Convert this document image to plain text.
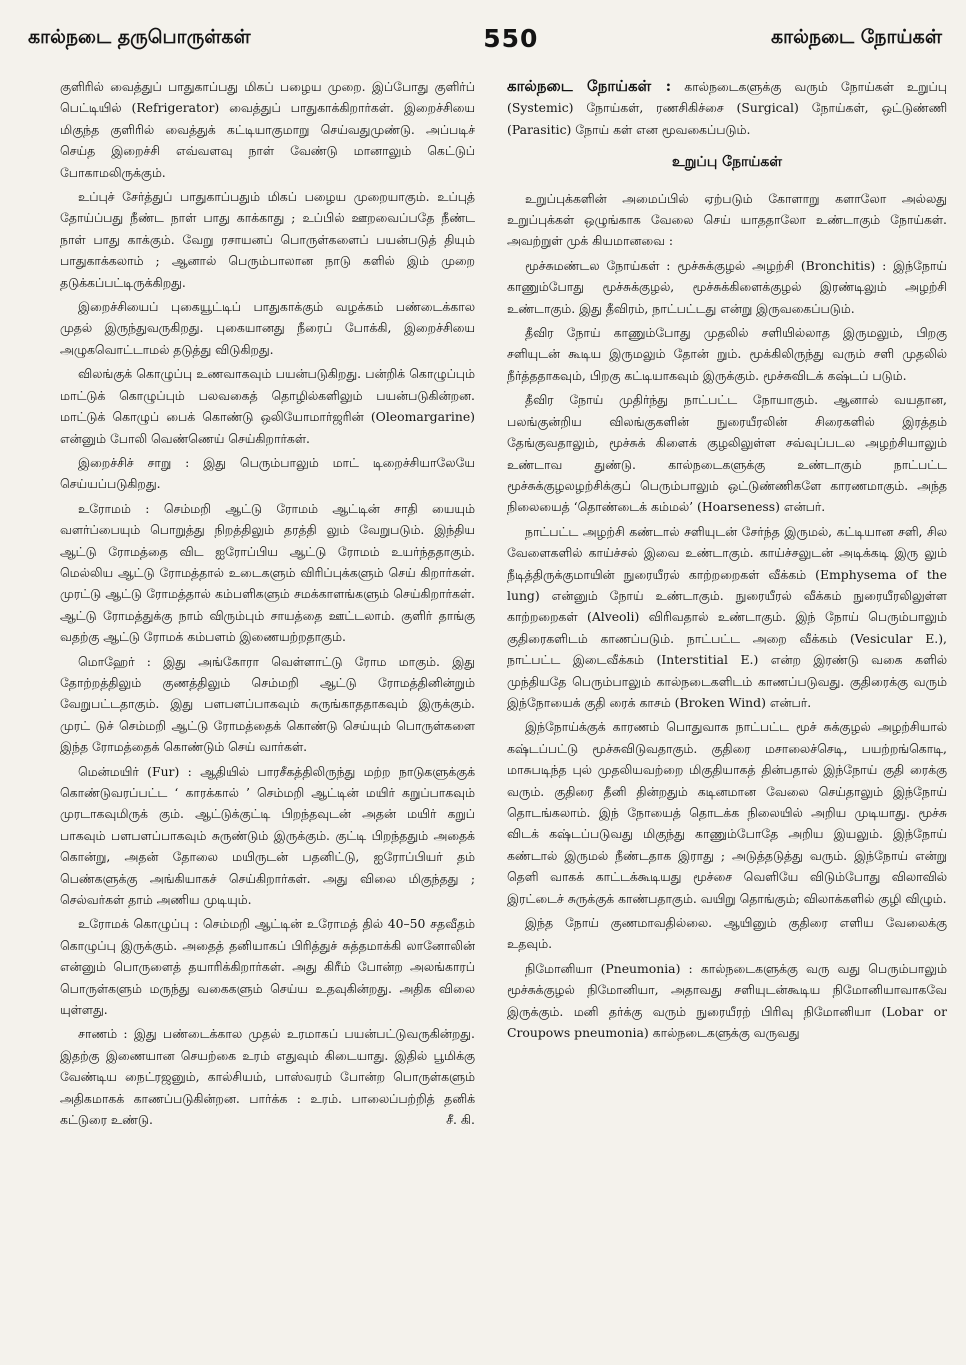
கால்நடை தருபொருள்கள்	550	கால்நடை நோய்கள்

குளிரில் வைத்துப் பாதுகாப்பது மிகப் பழைய முறை. இப்போது குளிர்ப் பெட்டியில் (Refrigerator) வைத்துப் பாதுகாக்கிறார்கள். இறைச்சியை மிகுந்த குளிரில் வைத்துக் கட்டியாகுமாறு செய்வதுமுண்டு. அப்படிச் செய்த இறைச்சி எவ்வளவு நாள் வேண்டு மானாலும் கெட்டுப் போகாமலிருக்கும்.

உப்புச் சேர்த்துப் பாதுகாப்பதும் மிகப் பழைய முறையாகும். உப்புத் தோய்ப்பது நீண்ட நாள் பாது காக்காது ; உப்பில் ஊறவைப்பதே நீண்ட நாள் பாது காக்கும். வேறு ரசாயனப் பொருள்களைப் பயன்படுத் தியும் பாதுகாக்கலாம் ; ஆனால் பெரும்பாலான நாடு களில் இம் முறை தடுக்கப்பட்டிருக்கிறது.

இறைச்சியைப் புகையூட்டிப் பாதுகாக்கும் வழக்கம் பண்டைக்கால முதல் இருந்துவருகிறது. புகையானது நீரைப் போக்கி, இறைச்சியை அழுகவொட்டாமல் தடுத்து விடுகிறது.

விலங்குக் கொழுப்பு உணவாகவும் பயன்படுகிறது. பன்றிக் கொழுப்பும் மாட்டுக் கொழுப்பும் பலவகைத் தொழில்களிலும் பயன்படுகின்றன. மாட்டுக் கொழுப் பைக் கொண்டு ஒலியோமார்ஜரின் (Oleomargarine) என்னும் போலி வெண்ணெய் செய்கிறார்கள்.

இறைச்சிச் சாறு : இது பெரும்பாலும் மாட் டிறைச்சியாலேயே செய்யப்படுகிறது.

உரோமம் : செம்மறி ஆட்டு ரோமம் ஆட்டின் சாதி யையும் வளர்ப்பையும் பொறுத்து நிறத்திலும் தரத்தி லும் வேறுபடும். இந்திய ஆட்டு ரோமத்தை விட ஐரோப்பிய ஆட்டு ரோமம் உயர்ந்ததாகும். மெல்லிய ஆட்டு ரோமத்தால் உடைகளும் விரிப்புக்களும் செய் கிறார்கள். முரட்டு ஆட்டு ரோமத்தால் கம்பளிகளும் சமக்காளங்களும் செய்கிறார்கள். ஆட்டு ரோமத்துக்கு நாம் விரும்பும் சாயத்தை ஊட்டலாம். குளிர் தாங்கு வதற்கு ஆட்டு ரோமக் கம்பளம் இணையற்றதாகும்.

மொஹேர் : இது அங்கோரா வெள்ளாட்டு ரோம மாகும். இது தோற்றத்திலும் குணத்திலும் செம்மறி ஆட்டு ரோமத்தினின்றும் வேறுபட்டதாகும். இது பளபளப்பாகவும் சுருங்காததாகவும் இருக்கும். முரட் டுச் செம்மறி ஆட்டு ரோமத்தைக் கொண்டு செய்யும் பொருள்களை இந்த ரோமத்தைக் கொண்டும் செய் வார்கள்.

மென்மயிர் (Fur) : ஆதியில் பாரசீகத்திலிருந்து மற்ற நாடுகளுக்குக் கொண்டுவரப்பட்ட ‘ காரக்கால் ’ செம்மறி ஆட்டின் மயிர் கறுப்பாகவும் முரடாகவுமிருக் கும். ஆட்டுக்குட்டி பிறந்தவுடன் அதன் மயிர் கறுப் பாகவும் பளபளப்பாகவும் சுருண்டும் இருக்கும். குட்டி பிறந்ததும் அதைக் கொன்று, அதன் தோலை மயிருடன் பதனிட்டு, ஐரோப்பியர் தம் பெண்களுக்கு அங்கியாகச் செய்கிறார்கள். அது விலை மிகுந்தது ; செல்வர்கள் தாம் அணிய முடியும்.

உரோமக் கொழுப்பு : செம்மறி ஆட்டின் உரோமத் தில் 40–50 சதவீதம் கொழுப்பு இருக்கும். அதைத் தனியாகப் பிரித்துச் சுத்தமாக்கி லானோலின் என்னும் பொருளைத் தயாரிக்கிறார்கள். அது கிரீம் போன்ற அலங்காரப் பொருள்களும் மருந்து வகைகளும் செய்ய உதவுகின்றது. அதிக விலை யுள்ளது.

சாணம் : இது பண்டைக்கால முதல் உரமாகப் பயன்பட்டுவருகின்றது. இதற்கு இணையான செயற்கை உரம் எதுவும் கிடையாது. இதில் பூமிக்கு வேண்டிய நைட்ரஜனும், கால்சியம், பாஸ்வரம் போன்ற பொருள்களும் அதிகமாகக் காணப்படுகின்றன. பார்க்க : உரம். பாலைப்பற்றித் தனிக் கட்டுரை உண்டு.	சீ. கி.

கால்நடை நோய்கள் : கால்நடைகளுக்கு வரும் நோய்கள் உறுப்பு (Systemic) நோய்கள், ரணசிகிச்சை (Surgical) நோய்கள், ஒட்டுண்ணி (Parasitic) நோய் கள் என மூவகைப்படும்.

உறுப்பு நோய்கள்

உறுப்புக்களின் அமைப்பில் ஏற்படும் கோளாறு களாலோ அல்லது உறுப்புக்கள் ஒழுங்காக வேலை செய் யாததாலோ உண்டாகும் நோய்கள். அவற்றுள் முக் கியமானவை :

மூச்சுமண்டல நோய்கள் : மூச்சுக்குழல் அழற்சி (Bronchitis) : இந்நோய் காணும்போது மூச்சுக்குழல், மூச்சுக்கிளைக்குழல் இரண்டிலும் அழற்சி உண்டாகும். இது தீவிரம், நாட்பட்டது என்று இருவகைப்படும்.

தீவிர நோய் காணும்போது முதலில் சளியில்லாத இருமலும், பிறகு சளியுடன் கூடிய இருமலும் தோன் றும். மூக்கிலிருந்து வரும் சளி முதலில் நீர்த்ததாகவும், பிறகு கட்டியாகவும் இருக்கும். மூச்சுவிடக் கஷ்டப் படும்.

தீவிர நோய் முதிர்ந்து நாட்பட்ட நோயாகும். ஆனால் வயதான, பலங்குன்றிய விலங்குகளின் நுரையீரலின் சிரைகளில் இரத்தம் தேங்குவதாலும், மூச்சுக் கிளைக் குழலிலுள்ள சவ்வுப்படல அழற்சியாலும் உண்டாவ துண்டு. கால்நடைகளுக்கு உண்டாகும் நாட்பட்ட மூச்சுக்குழலழற்சிக்குப் பெரும்பாலும் ஒட்டுண்ணிகளே காரணமாகும். அந்த நிலையைத் ‘தொண்டைக் கம்மல்’ (Hoarseness) என்பர்.

நாட்பட்ட அழற்சி கண்டால் சளியுடன் சேர்ந்த இருமல், கட்டியான சளி, சில வேளைகளில் காய்ச்சல் இவை உண்டாகும். காய்ச்சலுடன் அடிக்கடி இரு லும் நீடித்திருக்குமாயின் நுரையீரல் காற்றறைகள் வீக்கம் (Emphysema of the lung) என்னும் நோய் உண்டாகும். நுரையீரல் வீக்கம் நுரையீரலிலுள்ள காற்றறைகள் (Alveoli) விரிவதால் உண்டாகும். இந் நோய் பெரும்பாலும் குதிரைகளிடம் காணப்படும். நாட்பட்ட அறை வீக்கம் (Vesicular E.), நாட்பட்ட இடைவீக்கம் (Interstitial E.) என்ற இரண்டு வகை களில் முந்தியதே பெரும்பாலும் கால்நடைகளிடம் காணப்படுவது. குதிரைக்கு வரும் இந்நோயைக் குதி ரைக் காசம் (Broken Wind) என்பர்.

இந்நோய்க்குக் காரணம் பொதுவாக நாட்பட்ட மூச் சுக்குழல் அழற்சியால் கஷ்டப்பட்டு மூச்சுவிடுவதாகும். குதிரை மசாலைச்செடி, பயற்றங்கொடி, மாசுபடிந்த புல் முதலியவற்றை மிகுதியாகத் தின்பதால் இந்நோய் குதி ரைக்கு வரும். குதிரை தீனி தின்றதும் கடினமான வேலை செய்தாலும் இந்நோய் தொடங்கலாம். இந் நோயைத் தொடக்க நிலையில் அறிய முடியாது. மூச்சு விடக் கஷ்டப்படுவது மிகுந்து காணும்போதே அறிய இயலும். இந்நோய் கண்டால் இருமல் நீண்டதாக இராது ; அடுத்தடுத்து வரும். இந்நோய் என்று தெளி வாகக் காட்டக்கூடியது மூச்சை வெளியே விடும்போது விலாவில் இரட்டைச் சுருக்குக் காண்பதாகும். வயிறு தொங்கும்; விலாக்களில் குழி விழும்.

இந்த நோய் குணமாவதில்லை. ஆயினும் குதிரை எளிய வேலைக்கு உதவும்.

நிமோனியா (Pneumonia) : கால்நடைகளுக்கு வரு வது பெரும்பாலும் மூச்சுக்குழல் நிமோனியா, அதாவது சளியுடன்கூடிய நிமோனியாவாகவே இருக்கும். மனி தர்க்கு வரும் நுரையீரற் பிரிவு நிமோனியா (Lobar or Croupows pneumonia) கால்நடைகளுக்கு வருவது
